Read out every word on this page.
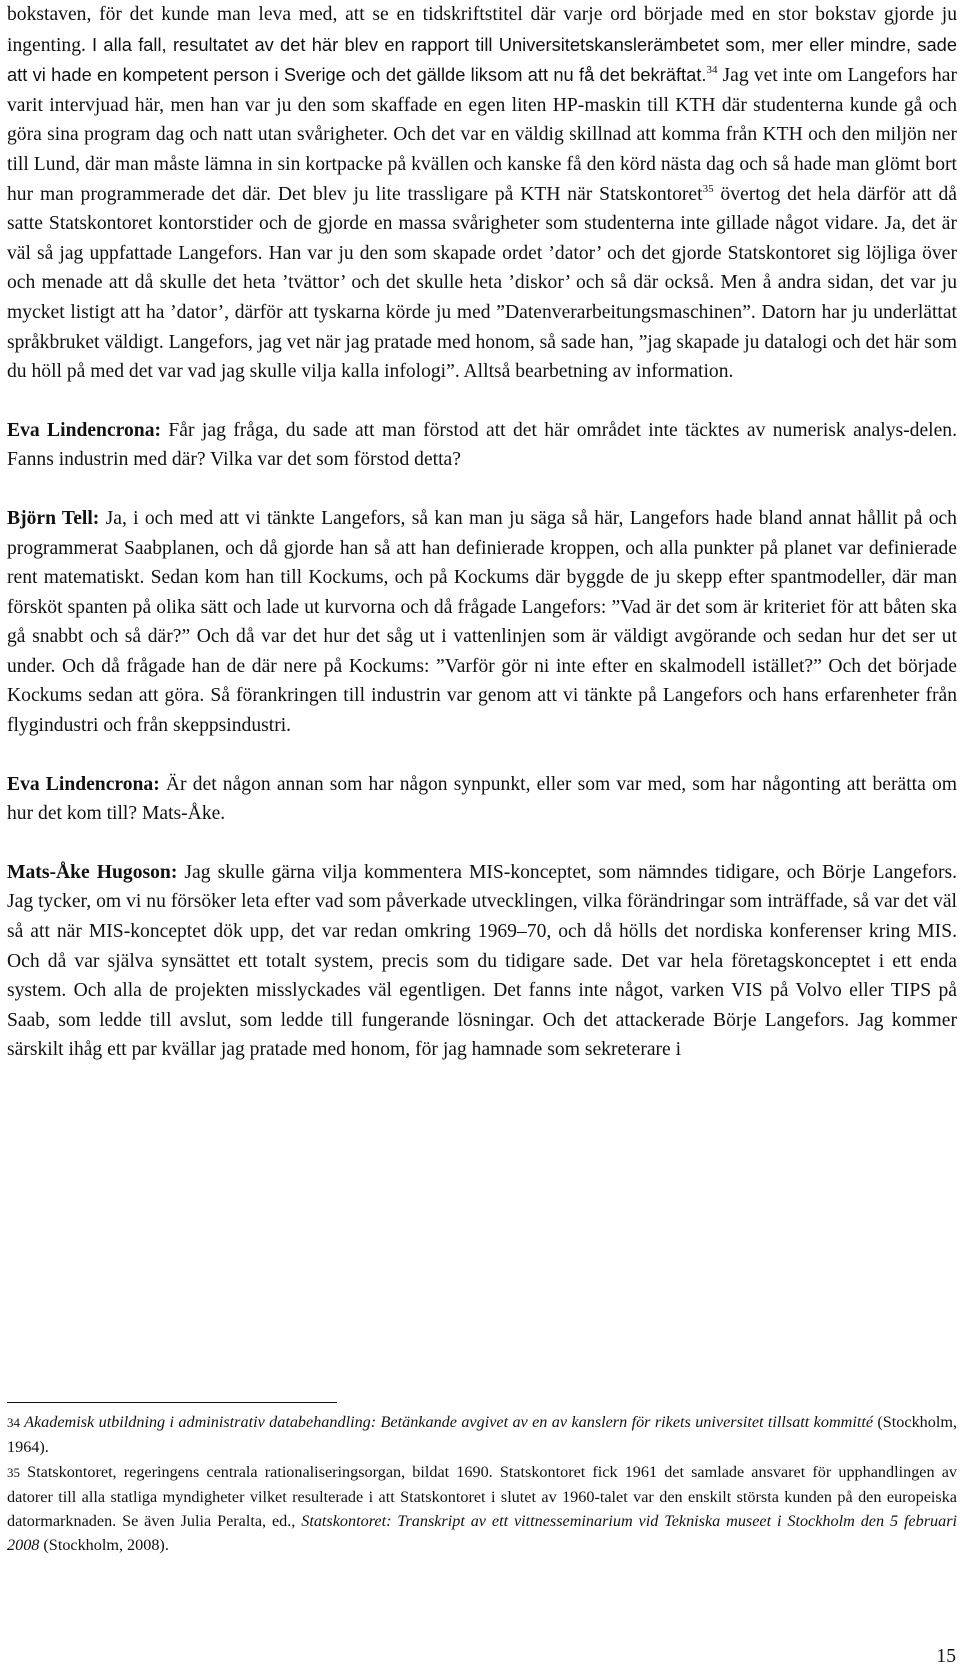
bokstaven, för det kunde man leva med, att se en tidskriftstitel där varje ord började med en stor bokstav gjorde ju ingenting. I alla fall, resultatet av det här blev en rapport till Universitetskanslerämbetet som, mer eller mindre, sade att vi hade en kompetent person i Sverige och det gällde liksom att nu få det bekräftat.$^{34}$ Jag vet inte om Langefors har varit intervjuad här, men han var ju den som skaffade en egen liten HP-maskin till KTH där studenterna kunde gå och göra sina program dag och natt utan svårigheter. Och det var en väldig skillnad att komma från KTH och den miljön ner till Lund, där man måste lämna in sin kortpacke på kvällen och kanske få den körd nästa dag och så hade man glömt bort hur man programmerade det där. Det blev ju lite trassligare på KTH när Statskontoret$^{35}$ övertog det hela därför att då satte Statskontoret kontorstider och de gjorde en massa svårigheter som studenterna inte gillade något vidare. Ja, det är väl så jag uppfattade Langefors. Han var ju den som skapade ordet ’dator’ och det gjorde Statskontoret sig löjliga över och menade att då skulle det heta ’tvättor’ och det skulle heta ’diskor’ och så där också. Men å andra sidan, det var ju mycket listigt att ha ’dator’, därför att tyskarna körde ju med ”Datenverarbeitungsmaschinen”. Datorn har ju underlättat språkbruket väldigt. Langefors, jag vet när jag pratade med honom, så sade han, ”jag skapade ju datalogi och det här som du höll på med det var vad jag skulle vilja kalla infologi”. Alltså bearbetning av information.

Eva Lindencrona: Får jag fråga, du sade att man förstod att det här området inte täcktes av numerisk analys-delen. Fanns industrin med där? Vilka var det som förstod detta?

Björn Tell: Ja, i och med att vi tänkte Langefors, så kan man ju säga så här, Langefors hade bland annat hållit på och programmerat Saabplanen, och då gjorde han så att han definierade kroppen, och alla punkter på planet var definierade rent matematiskt. Sedan kom han till Kockums, och på Kockums där byggde de ju skepp efter spantmodeller, där man försköt spanten på olika sätt och lade ut kurvorna och då frågade Langefors: ”Vad är det som är kriteriet för att båten ska gå snabbt och så där?” Och då var det hur det såg ut i vattenlinjen som är väldigt avgörande och sedan hur det ser ut under. Och då frågade han de där nere på Kockums: ”Varför gör ni inte efter en skalmodell istället?” Och det började Kockums sedan att göra. Så förankringen till industrin var genom att vi tänkte på Langefors och hans erfarenheter från flygindustri och från skeppsindustri.

Eva Lindencrona: Är det någon annan som har någon synpunkt, eller som var med, som har någonting att berätta om hur det kom till? Mats-Åke.

Mats-Åke Hugoson: Jag skulle gärna vilja kommentera MIS-konceptet, som nämndes tidigare, och Börje Langefors. Jag tycker, om vi nu försöker leta efter vad som påverkade utvecklingen, vilka förändringar som inträffade, så var det väl så att när MIS-konceptet dök upp, det var redan omkring 1969–70, och då hölls det nordiska konferenser kring MIS. Och då var själva synsättet ett totalt system, precis som du tidigare sade. Det var hela företagskonceptet i ett enda system. Och alla de projekten misslyckades väl egentligen. Det fanns inte något, varken VIS på Volvo eller TIPS på Saab, som ledde till avslut, som ledde till fungerande lösningar. Och det attackerade Börje Langefors. Jag kommer särskilt ihåg ett par kvällar jag pratade med honom, för jag hamnade som sekreterare i

34 Akademisk utbildning i administrativ databehandling: Betänkande avgivet av en av kanslern för rikets universitet tillsatt kommitté (Stockholm, 1964).

35 Statskontoret, regeringens centrala rationaliseringsorgan, bildat 1690. Statskontoret fick 1961 det samlade ansvaret för upphandlingen av datorer till alla statliga myndigheter vilket resulterade i att Statskontoret i slutet av 1960-talet var den enskilt största kunden på den europeiska datormarknaden. Se även Julia Peralta, ed., Statskontoret: Transkript av ett vittnesseminarium vid Tekniska museet i Stockholm den 5 februari 2008 (Stockholm, 2008).

15
